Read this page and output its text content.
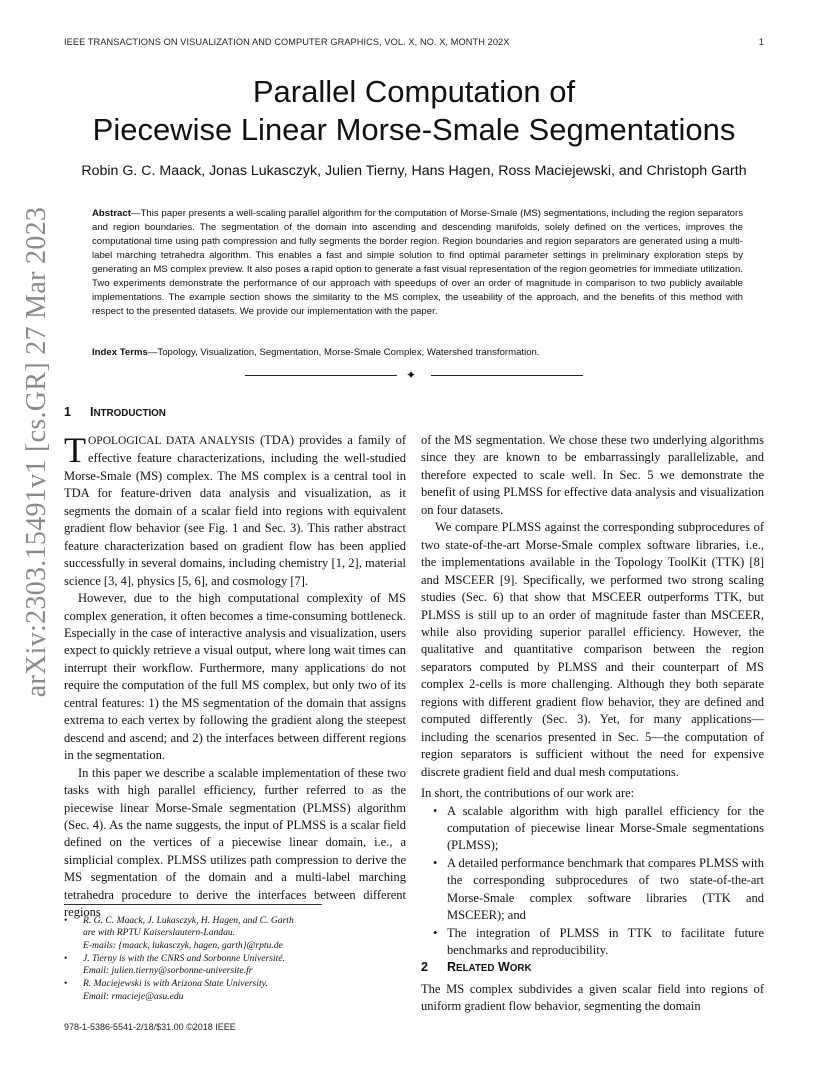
IEEE TRANSACTIONS ON VISUALIZATION AND COMPUTER GRAPHICS, VOL. X, NO. X, MONTH 202X	1
arXiv:2303.15491v1 [cs.GR] 27 Mar 2023
Parallel Computation of
Piecewise Linear Morse-Smale Segmentations
Robin G. C. Maack, Jonas Lukasczyk, Julien Tierny, Hans Hagen, Ross Maciejewski, and Christoph Garth
Abstract—This paper presents a well-scaling parallel algorithm for the computation of Morse-Smale (MS) segmentations, including the region separators and region boundaries. The segmentation of the domain into ascending and descending manifolds, solely defined on the vertices, improves the computational time using path compression and fully segments the border region. Region boundaries and region separators are generated using a multi-label marching tetrahedra algorithm. This enables a fast and simple solution to find optimal parameter settings in preliminary exploration steps by generating an MS complex preview. It also poses a rapid option to generate a fast visual representation of the region geometries for immediate utilization. Two experiments demonstrate the performance of our approach with speedups of over an order of magnitude in comparison to two publicly available implementations. The example section shows the similarity to the MS complex, the useability of the approach, and the benefits of this method with respect to the presented datasets. We provide our implementation with the paper.
Index Terms—Topology, Visualization, Segmentation, Morse-Smale Complex, Watershed transformation.
✦
1 INTRODUCTION

TOPOLOGICAL DATA ANALYSIS (TDA) provides a family of effective feature characterizations, including the well-studied Morse-Smale (MS) complex. The MS complex is a central tool in TDA for feature-driven data analysis and visualization, as it segments the domain of a scalar field into regions with equivalent gradient flow behavior (see Fig. 1 and Sec. 3). This rather abstract feature characterization based on gradient flow has been applied successfully in several domains, including chemistry [1, 2], material science [3, 4], physics [5, 6], and cosmology [7].

However, due to the high computational complexity of MS complex generation, it often becomes a time-consuming bottleneck. Especially in the case of interactive analysis and visualization, users expect to quickly retrieve a visual output, where long wait times can interrupt their workflow. Furthermore, many applications do not require the computation of the full MS complex, but only two of its central features: 1) the MS segmentation of the domain that assigns extrema to each vertex by following the gradient along the steepest descend and ascend; and 2) the interfaces between different regions in the segmentation.

In this paper we describe a scalable implementation of these two tasks with high parallel efficiency, further referred to as the piecewise linear Morse-Smale segmentation (PLMSS) algorithm (Sec. 4). As the name suggests, the input of PLMSS is a scalar field defined on the vertices of a piecewise linear domain, i.e., a simplicial complex. PLMSS utilizes path compression to derive the MS segmentation of the domain and a multi-label marching tetrahedra procedure to derive the interfaces between different regions

of the MS segmentation. We chose these two underlying algorithms since they are known to be embarrassingly parallelizable, and therefore expected to scale well. In Sec. 5 we demonstrate the benefit of using PLMSS for effective data analysis and visualization on four datasets.

We compare PLMSS against the corresponding subprocedures of two state-of-the-art Morse-Smale complex software libraries, i.e., the implementations available in the Topology ToolKit (TTK) [8] and MSCEER [9]. Specifically, we performed two strong scaling studies (Sec. 6) that show that MSCEER outperforms TTK, but PLMSS is still up to an order of magnitude faster than MSCEER, while also providing superior parallel efficiency. However, the qualitative and quantitative comparison between the region separators computed by PLMSS and their counterpart of MS complex 2-cells is more challenging. Although they both separate regions with different gradient flow behavior, they are defined and computed differently (Sec. 3). Yet, for many applications—including the scenarios presented in Sec. 5—the computation of region separators is sufficient without the need for expensive discrete gradient field and dual mesh computations.

In short, the contributions of our work are:

• A scalable algorithm with high parallel efficiency for the computation of piecewise linear Morse-Smale segmentations (PLMSS);
• A detailed performance benchmark that compares PLMSS with the corresponding subprocedures of two state-of-the-art Morse-Smale complex software libraries (TTK and MSCEER); and
• The integration of PLMSS in TTK to facilitate future benchmarks and reproducibility.
2 RELATED WORK

The MS complex subdivides a given scalar field into regions of uniform gradient flow behavior, segmenting the domain

• R. G. C. Maack, J. Lukasczyk, H. Hagen, and C. Garth
are with RPTU Kaiserslautern-Landau.
E-mails: {maack, lukasczyk, hagen, garth}@rptu.de
• J. Tierny is with the CNRS and Sorbonne Université.
Email: julien.tierny@sorbonne-universite.fr
• R. Maciejewski is with Arizona State University.
Email: rmacieje@asu.edu
978-1-5386-5541-2/18/$31.00 ©2018 IEEE
